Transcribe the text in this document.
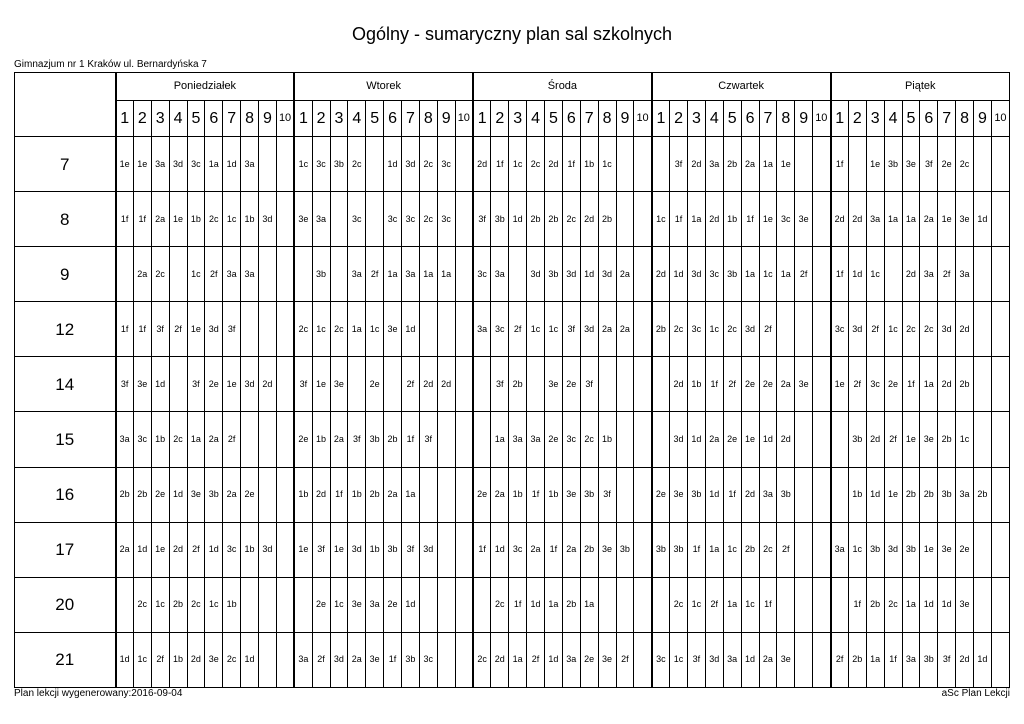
Ogólny - sumaryczny plan sal szkolnych
Gimnazjum nr 1 Kraków ul. Bernardyńska 7
	Poniedziałek										Wtorek										Środa										Czwartek										Piątek									
	1	2	3	4	5	6	7	8	9	10	1	2	3	4	5	6	7	8	9	10	1	2	3	4	5	6	7	8	9	10	1	2	3	4	5	6	7	8	9	10	1	2	3	4	5	6	7	8	9	10
7	1e	1e	3a	3d	3c	1a	1d	3a			1c	3c	3b	2c		1d	3d	2c	3c		2d	1f	1c	2c	2d	1f	1b	1c				3f	2d	3a	2b	2a	1a	1e			1f		1e	3b	3e	3f	2e	2c		
8	1f	1f	2a	1e	1b	2c	1c	1b	3d		3e	3a		3c		3c	3c	2c	3c		3f	3b	1d	2b	2b	2c	2d	2b			1c	1f	1a	2d	1b	1f	1e	3c	3e		2d	2d	3a	1a	1a	2a	1e	3e	1d	
9		2a	2c		1c	2f	3a	3a				3b		3a	2f	1a	3a	1a	1a		3c	3a		3d	3b	3d	1d	3d	2a		2d	1d	3d	3c	3b	1a	1c	1a	2f		1f	1d	1c		2d	3a	2f	3a		
12	1f	1f	3f	2f	1e	3d	3f				2c	1c	2c	1a	1c	3e	1d				3a	3c	2f	1c	1c	3f	3d	2a	2a		2b	2c	3c	1c	2c	3d	2f				3c	3d	2f	1c	2c	2c	3d	2d		
14	3f	3e	1d		3f	2e	1e	3d	2d		3f	1e	3e		2e		2f	2d	2d			3f	2b		3e	2e	3f					2d	1b	1f	2f	2e	2e	2a	3e		1e	2f	3c	2e	1f	1a	2d	2b		
15	3a	3c	1b	2c	1a	2a	2f				2e	1b	2a	3f	3b	2b	1f	3f				1a	3a	3a	2e	3c	2c	1b				3d	1d	2a	2e	1e	1d	2d				3b	2d	2f	1e	3e	2b	1c		
16	2b	2b	2e	1d	3e	3b	2a	2e			1b	2d	1f	1b	2b	2a	1a				2e	2a	1b	1f	1b	3e	3b	3f			2e	3e	3b	1d	1f	2d	3a	3b				1b	1d	1e	2b	2b	3b	3a	2b	
17	2a	1d	1e	2d	2f	1d	3c	1b	3d		1e	3f	1e	3d	1b	3b	3f	3d			1f	1d	3c	2a	1f	2a	2b	3e	3b		3b	3b	1f	1a	1c	2b	2c	2f			3a	1c	3b	3d	3b	1e	3e	2e		
20		2c	1c	2b	2c	1c	1b					2e	1c	3e	3a	2e	1d					2c	1f	1d	1a	2b	1a					2c	1c	2f	1a	1c	1f					1f	2b	2c	1a	1d	1d	3e		
21	1d	1c	2f	1b	2d	3e	2c	1d			3a	2f	3d	2a	3e	1f	3b	3c			2c	2d	1a	2f	1d	3a	2e	3e	2f		3c	1c	3f	3d	3a	1d	2a	3e			2f	2b	1a	1f	3a	3b	3f	2d	1d	
Plan lekcji wygenerowany:2016-09-04	aSc Plan Lekcji
